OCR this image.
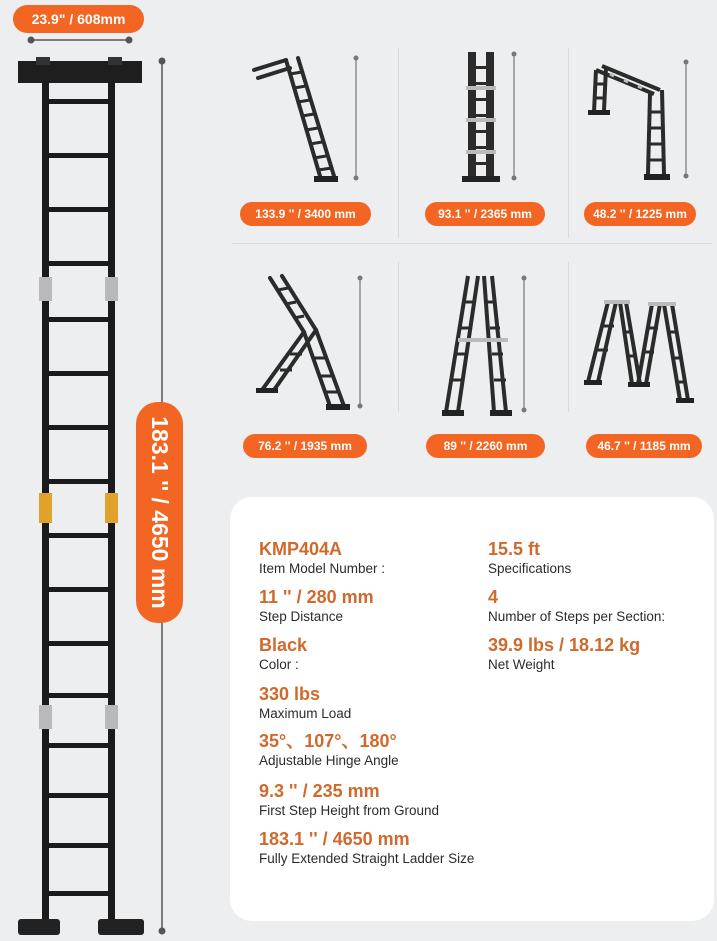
23.9" / 608mm
183.1 '' / 4650 mm
133.9 '' / 3400 mm	93.1 '' / 2365 mm	48.2 '' / 1225 mm
76.2 '' / 1935 mm	89 '' / 2260 mm	46.7 '' / 1185 mm
KMP404A
Item Model Number :
11 '' / 280 mm
Step Distance
Black
Color :
330 lbs
Maximum Load
35°、107°、180°
Adjustable Hinge Angle
9.3 '' / 235 mm
First Step Height from Ground
183.1 '' / 4650 mm
Fully Extended Straight Ladder Size
15.5 ft
Specifications
4
Number of Steps per Section:
39.9 lbs / 18.12 kg
Net Weight
